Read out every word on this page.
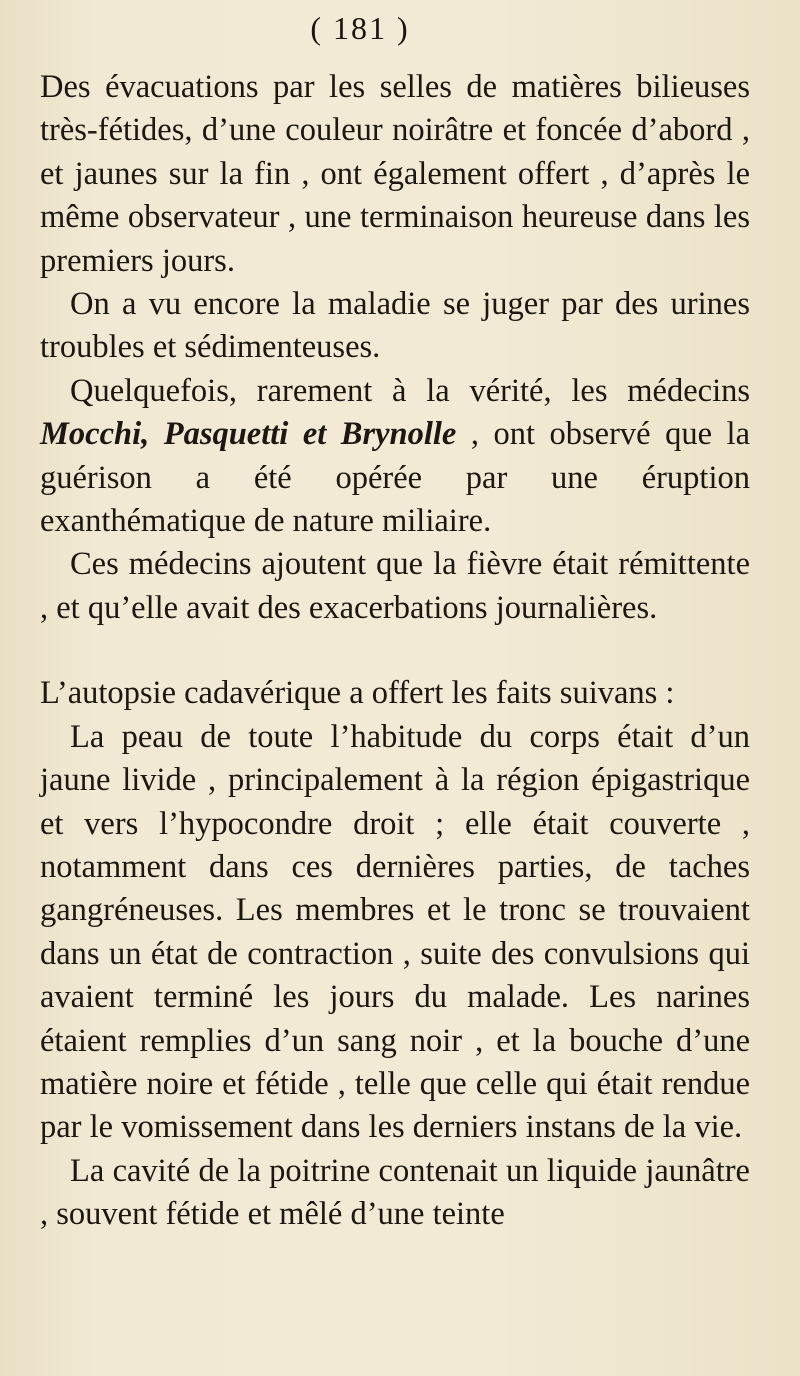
( 181 )

Des évacuations par les selles de matières bilieuses très-fétides, d’une couleur noirâtre et foncée d’abord , et jaunes sur la fin , ont également offert , d’après le même observateur , une terminaison heureuse dans les premiers jours.

On a vu encore la maladie se juger par des urines troubles et sédimenteuses.

Quelquefois, rarement à la vérité, les médecins Mocchi, Pasquetti et Brynolle , ont observé que la guérison a été opérée par une éruption exanthématique de nature miliaire.

Ces médecins ajoutent que la fièvre était rémittente , et qu’elle avait des exacerbations journalières.

L’autopsie cadavérique a offert les faits suivans :

La peau de toute l’habitude du corps était d’un jaune livide , principalement à la région épigastrique et vers l’hypocondre droit ; elle était couverte , notamment dans ces dernières parties, de taches gangréneuses. Les membres et le tronc se trouvaient dans un état de contraction , suite des convulsions qui avaient terminé les jours du malade. Les narines étaient remplies d’un sang noir , et la bouche d’une matière noire et fétide , telle que celle qui était rendue par le vomissement dans les derniers instans de la vie.

La cavité de la poitrine contenait un liquide jaunâtre , souvent fétide et mêlé d’une teinte
